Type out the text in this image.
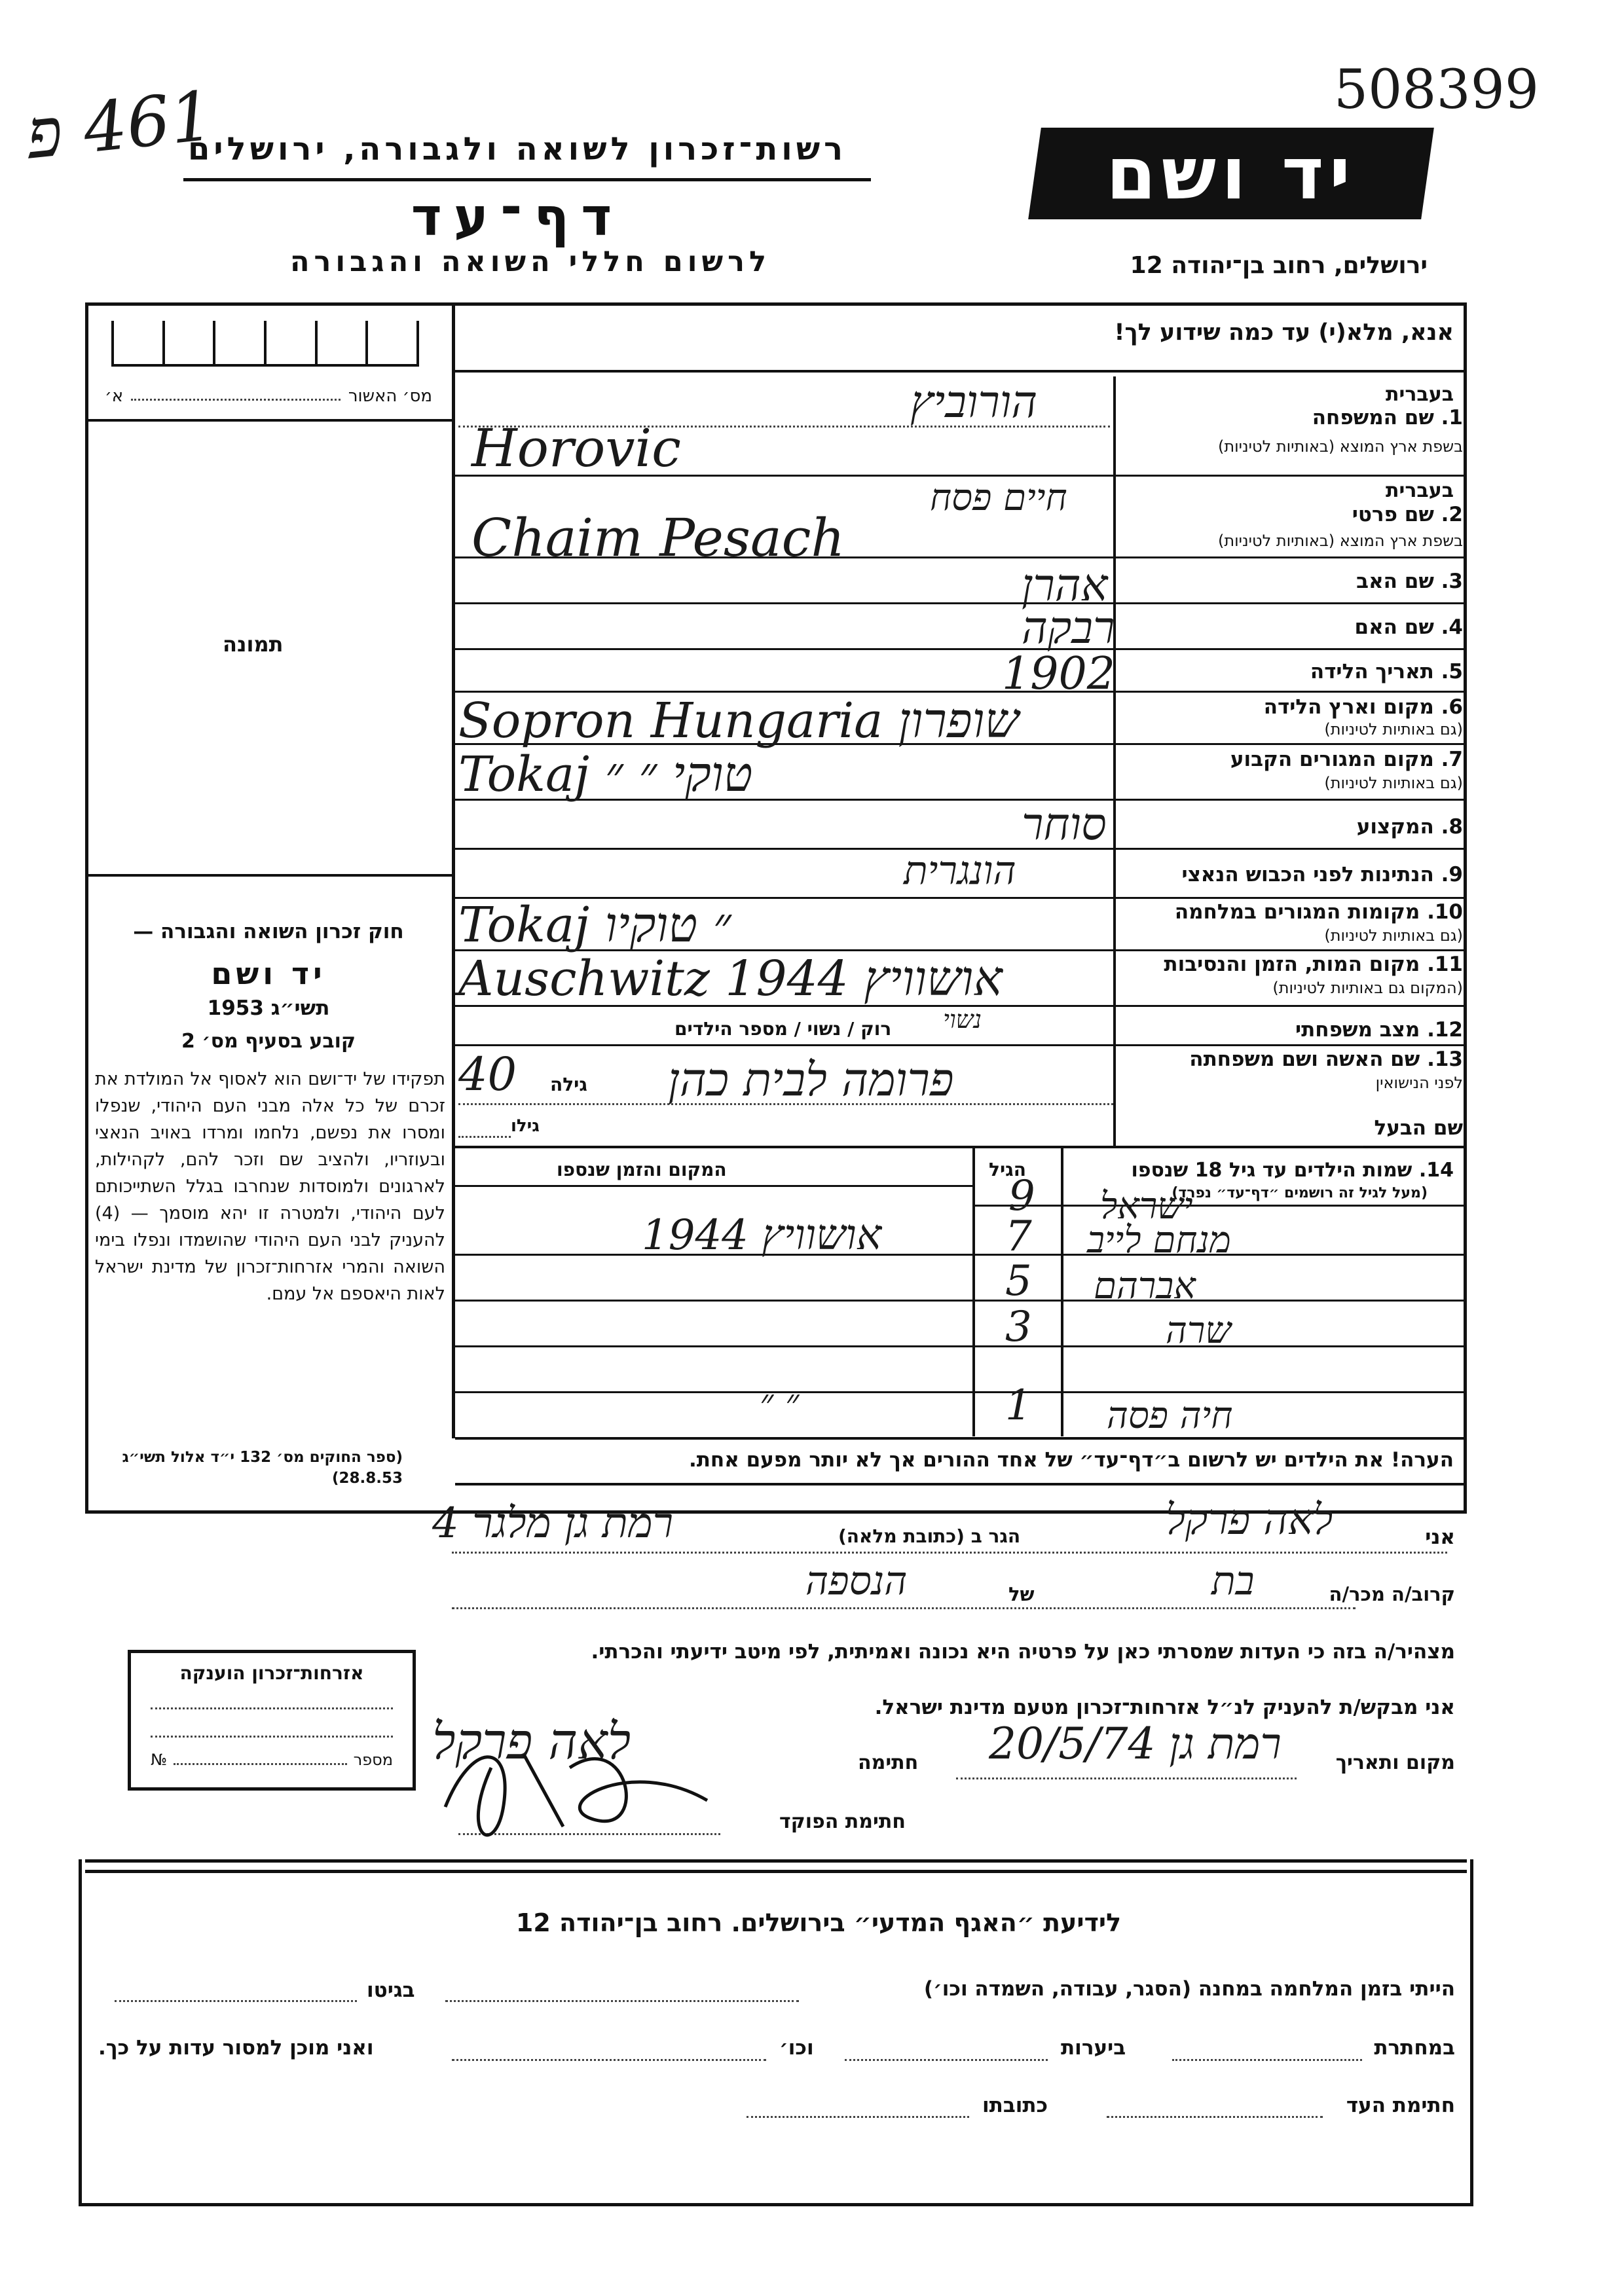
508399
461 פ
רשות־זכרון לשואה ולגבורה, ירושלים
דף־עד
לרשום חללי השואה והגבורה
יד ושם
ירושלים, רחוב בן־יהודה 12
אנא, מלא(י) עד כמה שידוע לך!
מס׳ האשור
א׳
תמונה
חוק זכרון השואה והגבורה —
יד ושם
תשי״ג 1953
קובע בסעיף מס׳ 2
תפקידו של יד־ושם הוא לאסוף אל המולדת את זכרם של כל אלה מבני העם היהודי, שנפלו ומסרו את נפשם, נלחמו ומרדו באויב הנאצי ובעוזריו, ולהציב שם וזכר להם, לקהילות, לארגונים ולמוסדות שנחרבו בגלל השתייכותם לעם היהודי, ולמטרה זו יהא מוסמך — (4) להעניק לבני העם היהודי שהושמדו ונפלו בימי השואה והמרי אזרחות־זכרון של מדינת ישראל לאות היאספם אל עמם.
(ספר החוקים מס׳ 132 י״ד אלול תשי״ג 28.8.53)
אזרחות־זכרון הוענקה
מספר
№
1. שם המשפחה
בעברית
בשפת ארץ המוצא (באותיות לטיניות)
הורוביץ
Horovic
2. שם פרטי
בעברית
בשפת ארץ המוצא (באותיות לטיניות)
חיים פסח
Chaim Pesach
3. שם האב
אהרן
4. שם האם
רבקה
5. תאריך הלידה
1902
6. מקום וארץ הלידה
(גם באותיות לטיניות)
Sopron Hungaria שופרון
7. מקום המגורים הקבוע
(גם באותיות לטיניות)
Tokaj טוקי ״ ״
8. המקצוע
סוחר
9. הנתינות לפני הכבוש הנאצי
הונגרית
10. מקומות המגורים במלחמה
(גם באותיות לטיניות)
Tokaj ״ טוקיו
11. מקום המות, הזמן והנסיבות
(המקום גם באותיות לטיניות)
Auschwitz 1944 אושוויץ
12. מצב משפחתי
רוק / נשוי / מספר הילדים נשוי
13. שם האשה ושם משפחתה
לפני הנישואין
פרומה לבית כהן
גילה
40
שם הבעל
גילו
14. שמות הילדים עד גיל 18 שנספו
(מעל לגיל זה רושמים ״דף־עד״ נפרד)
הגיל
המקום והזמן שנספו
ישראל
9
מנחם לייב
7
1944 אושוויץ
אברהם
5
שרה
3
חיה פסה
1
״ ״
הערה! את הילדים יש לרשום ב״דף־עד״ של אחד ההורים אך לא יותר מפעם אחת.
אני
לאה פרקל
הגר ב (כתובת מלאה)
רמת גן מלגר 4
קרוב/ה מכר/ה
בת
של
הנספה
מצהיר/ה בזה כי העדות שמסרתי כאן על פרטיה היא נכונה ואמיתית, לפי מיטב ידיעתי והכרתי.
אני מבקש/ת להעניק לנ״ל אזרחות־זכרון מטעם מדינת ישראל.
מקום ותאריך
רמת גן 20/5/74
חתימה
לאה פרקל
חתימת הפוקד
לידיעת ״האגף המדעי״ בירושלים. רחוב בן־יהודה 12
הייתי בזמן המלחמה במחנה (הסגר, עבודה, השמדה וכו׳)
בגיטו
במחתרת
ביערות
וכו׳
ואני מוכן למסור עדות על כך.
חתימת העד
כתובתו
